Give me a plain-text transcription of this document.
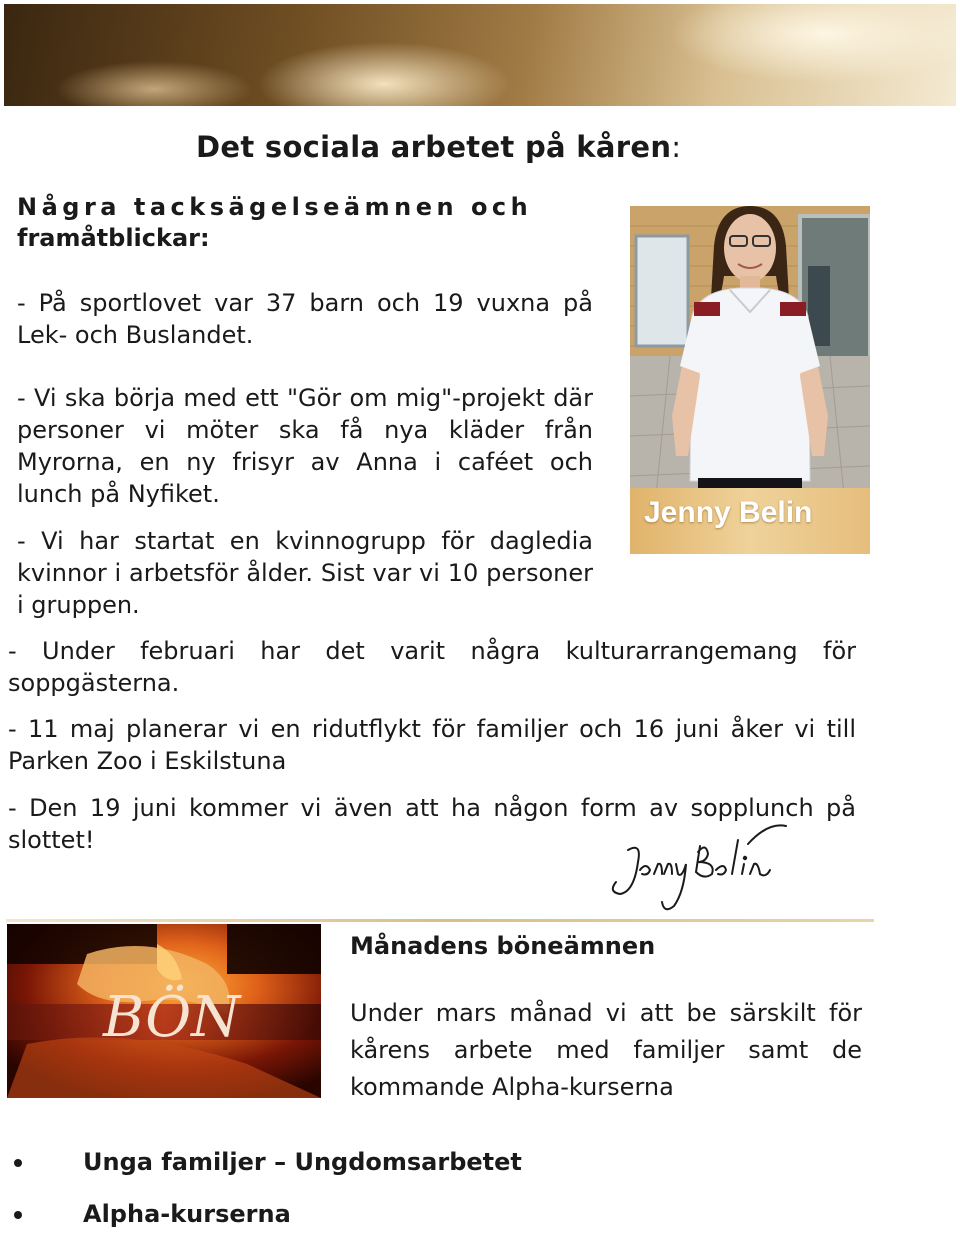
Det sociala arbetet på kåren:
Några tacksägelseämnen och
framåtblickar:
- På sportlovet var 37 barn och 19 vuxna på Lek- och Buslandet.
- Vi ska börja med ett "Gör om mig"-projekt där personer vi möter ska få nya kläder från Myrorna, en ny frisyr av Anna i caféet och lunch på Nyfiket.
- Vi har startat en kvinnogrupp för dagledia kvinnor i arbetsför ålder. Sist var vi 10 personer i gruppen.
- Under februari har det varit några kulturarrangemang för soppgästerna.
- 11 maj planerar vi en ridutflykt för familjer och 16 juni åker vi till Parken Zoo i Eskilstuna
- Den 19 juni kommer vi även att ha någon form av sopplunch på slottet!
Jenny Belin
BÖN
Månadens böneämnen
Under mars månad vi att be särskilt för kårens arbete med familjer samt de kommande Alpha-kurserna
Unga familjer – Ungdomsarbetet
Alpha-kurserna
